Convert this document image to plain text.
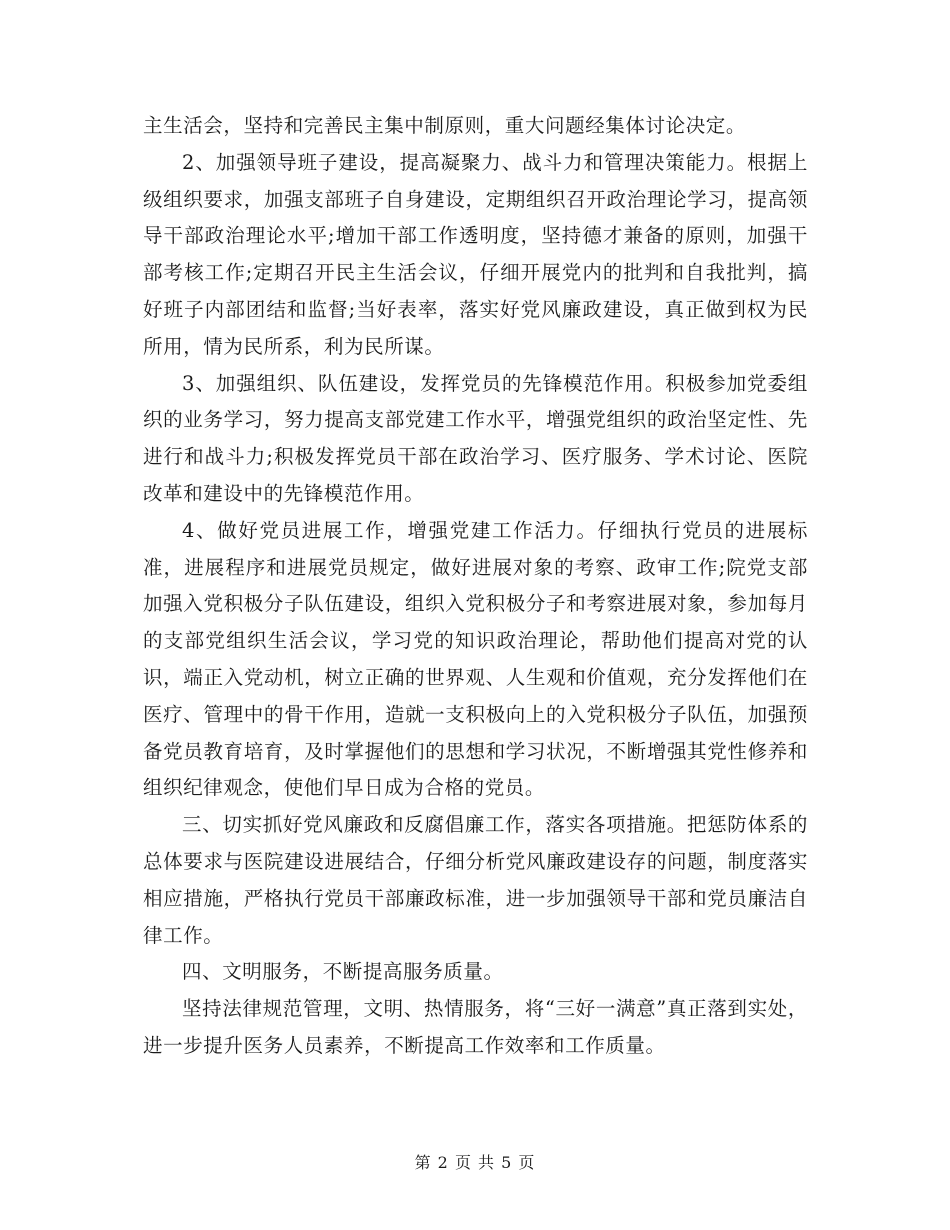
主生活会，坚持和完善民主集中制原则，重大问题经集体讨论决定。

2、加强领导班子建设，提高凝聚力、战斗力和管理决策能力。根据上级组织要求，加强支部班子自身建设，定期组织召开政治理论学习，提高领导干部政治理论水平;增加干部工作透明度，坚持德才兼备的原则，加强干部考核工作;定期召开民主生活会议，仔细开展党内的批判和自我批判，搞好班子内部团结和监督;当好表率，落实好党风廉政建设，真正做到权为民所用，情为民所系，利为民所谋。

3、加强组织、队伍建设，发挥党员的先锋模范作用。积极参加党委组织的业务学习，努力提高支部党建工作水平，增强党组织的政治坚定性、先进行和战斗力;积极发挥党员干部在政治学习、医疗服务、学术讨论、医院改革和建设中的先锋模范作用。

4、做好党员进展工作，增强党建工作活力。仔细执行党员的进展标准，进展程序和进展党员规定，做好进展对象的考察、政审工作;院党支部加强入党积极分子队伍建设，组织入党积极分子和考察进展对象，参加每月的支部党组织生活会议，学习党的知识政治理论，帮助他们提高对党的认识，端正入党动机，树立正确的世界观、人生观和价值观，充分发挥他们在医疗、管理中的骨干作用，造就一支积极向上的入党积极分子队伍，加强预备党员教育培育，及时掌握他们的思想和学习状况，不断增强其党性修养和组织纪律观念，使他们早日成为合格的党员。

三、切实抓好党风廉政和反腐倡廉工作，落实各项措施。把惩防体系的总体要求与医院建设进展结合，仔细分析党风廉政建设存的问题，制度落实相应措施，严格执行党员干部廉政标准，进一步加强领导干部和党员廉洁自律工作。

四、文明服务，不断提高服务质量。

坚持法律规范管理，文明、热情服务，将“三好一满意”真正落到实处，进一步提升医务人员素养，不断提高工作效率和工作质量。

第 2 页 共 5 页
